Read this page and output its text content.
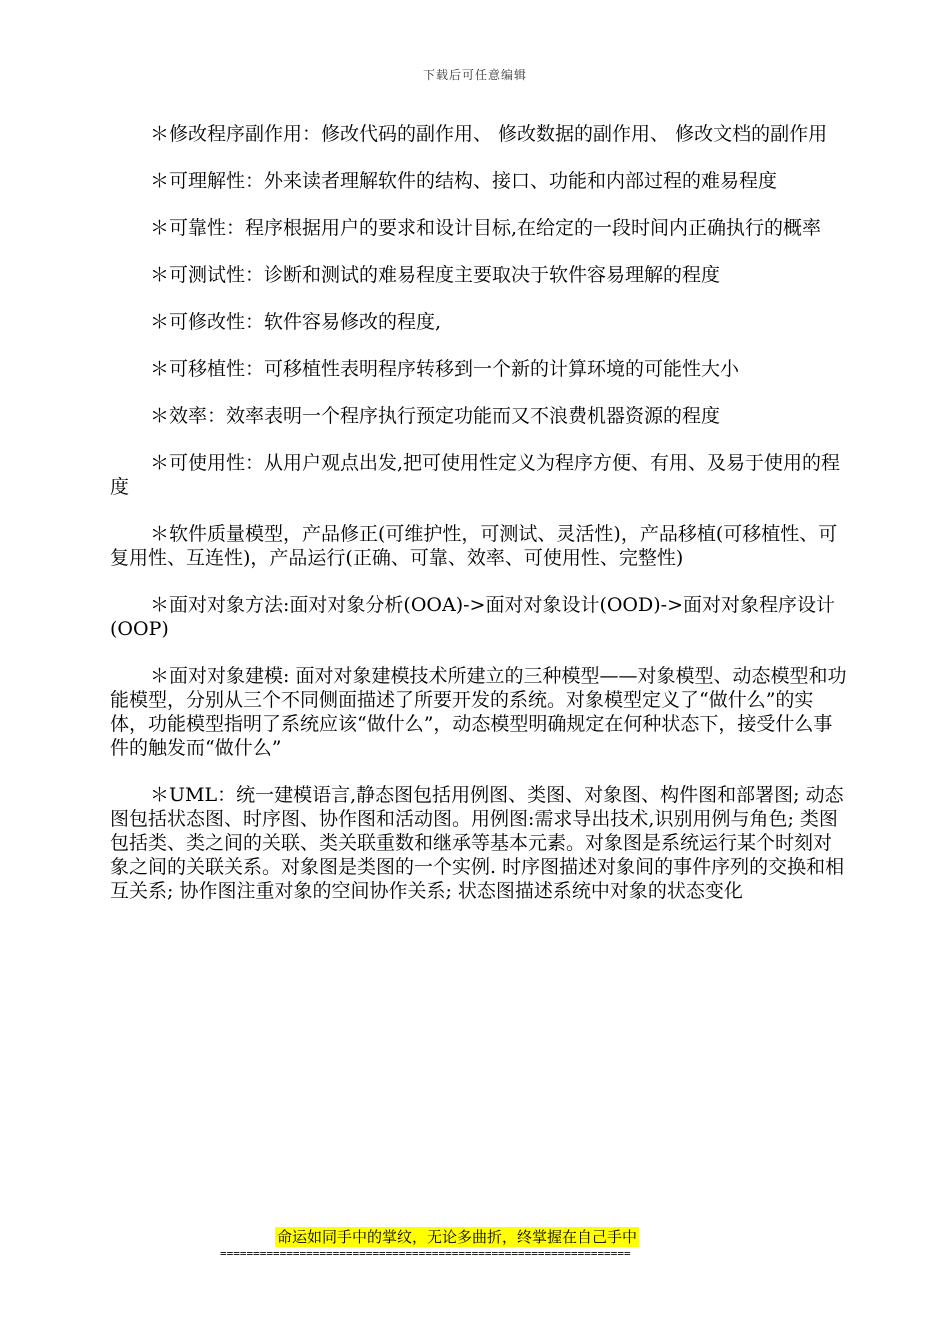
下载后可任意编辑

＊修改程序副作用：修改代码的副作用、 修改数据的副作用、 修改文档的副作用

＊可理解性：外来读者理解软件的结构、接口、功能和内部过程的难易程度

＊可靠性：程序根据用户的要求和设计目标,在给定的一段时间内正确执行的概率

＊可测试性：诊断和测试的难易程度主要取决于软件容易理解的程度

＊可修改性：软件容易修改的程度,

＊可移植性：可移植性表明程序转移到一个新的计算环境的可能性大小

＊效率：效率表明一个程序执行预定功能而又不浪费机器资源的程度

＊可使用性：从用户观点出发,把可使用性定义为程序方便、有用、及易于使用的程度

＊软件质量模型，产品修正(可维护性，可测试、灵活性)，产品移植(可移植性、可复用性、互连性)，产品运行(正确、可靠、效率、可使用性、完整性)

＊面对对象方法:面对对象分析(OOA)->面对对象设计(OOD)->面对对象程序设计(OOP)

＊面对对象建模: 面对对象建模技术所建立的三种模型——对象模型、动态模型和功能模型，分别从三个不同侧面描述了所要开发的系统。对象模型定义了“做什么”的实体，功能模型指明了系统应该“做什么”，动态模型明确规定在何种状态下，接受什么事件的触发而“做什么”

＊UML：统一建模语言,静态图包括用例图、类图、对象图、构件图和部署图; 动态图包括状态图、时序图、协作图和活动图。用例图:需求导出技术,识别用例与角色; 类图包括类、类之间的关联、类关联重数和继承等基本元素。对象图是系统运行某个时刻对象之间的关联关系。对象图是类图的一个实例. 时序图描述对象间的事件序列的交换和相互关系; 协作图注重对象的空间协作关系; 状态图描述系统中对象的状态变化

命运如同手中的掌纹，无论多曲折，终掌握在自己手中
==============================================================
